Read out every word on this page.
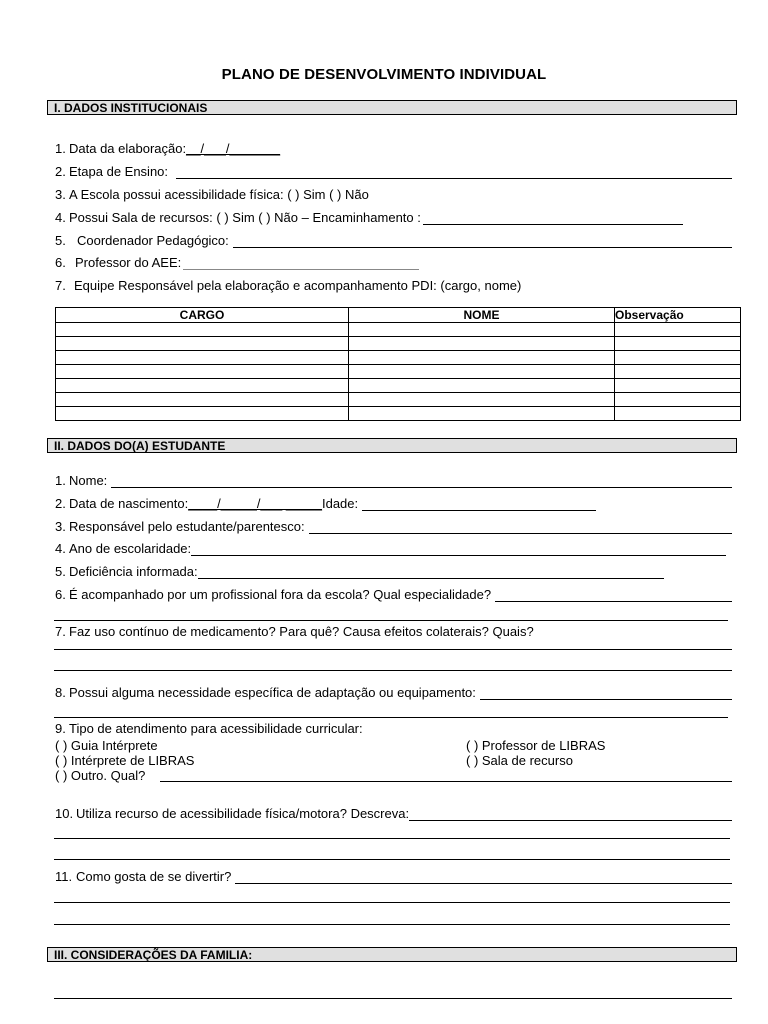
PLANO DE DESENVOLVIMENTO INDIVIDUAL
I. DADOS INSTITUCIONAIS
1. Data da elaboração: __/___/_______
2. Etapa de Ensino:
3. A Escola possui acessibilidade física: ( ) Sim ( ) Não
4. Possui Sala de recursos: ( ) Sim ( ) Não – Encaminhamento :
5. Coordenador Pedagógico:
6. Professor do AEE:
7. Equipe Responsável pela elaboração e acompanhamento PDI: (cargo, nome)
CARGO	NOME	Observação

II. DADOS DO(A) ESTUDANTE
1. Nome:
2. Data de nascimento: ____/_____/___ _____ Idade:
3. Responsável pelo estudante/parentesco:
4. Ano de escolaridade:
5. Deficiência informada:
6. É acompanhado por um profissional fora da escola? Qual especialidade?
7. Faz uso contínuo de medicamento? Para quê? Causa efeitos colaterais? Quais?
8. Possui alguma necessidade específica de adaptação ou equipamento:
9. Tipo de atendimento para acessibilidade curricular:
( ) Guia Intérprete
( ) Intérprete de LIBRAS
( ) Outro. Qual?
( ) Professor de LIBRAS
( ) Sala de recurso
10. Utiliza recurso de acessibilidade física/motora? Descreva:
11. Como gosta de se divertir?
III. CONSIDERAÇÕES DA FAMILIA:
